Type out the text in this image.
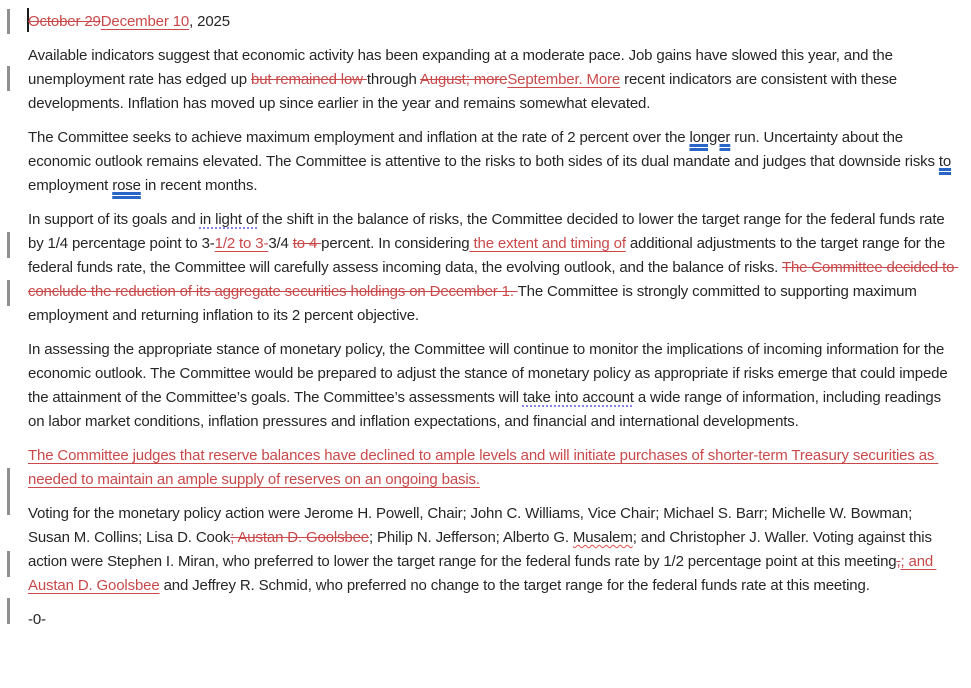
October 29December 10, 2025

Available indicators suggest that economic activity has been expanding at a moderate pace. Job gains have slowed this year, and the unemployment rate has edged up but remained low through August; moreSeptember. More recent indicators are consistent with these developments. Inflation has moved up since earlier in the year and remains somewhat elevated.

The Committee seeks to achieve maximum employment and inflation at the rate of 2 percent over the longer run. Uncertainty about the economic outlook remains elevated. The Committee is attentive to the risks to both sides of its dual mandate and judges that downside risks to employment rose in recent months.

In support of its goals and in light of the shift in the balance of risks, the Committee decided to lower the target range for the federal funds rate by 1/4 percentage point to 3-1/2 to 3-3/4 to 4 percent. In considering the extent and timing of additional adjustments to the target range for the federal funds rate, the Committee will carefully assess incoming data, the evolving outlook, and the balance of risks. The Committee decided to conclude the reduction of its aggregate securities holdings on December 1. The Committee is strongly committed to supporting maximum employment and returning inflation to its 2 percent objective.

In assessing the appropriate stance of monetary policy, the Committee will continue to monitor the implications of incoming information for the economic outlook. The Committee would be prepared to adjust the stance of monetary policy as appropriate if risks emerge that could impede the attainment of the Committee’s goals. The Committee’s assessments will take into account a wide range of information, including readings on labor market conditions, inflation pressures and inflation expectations, and financial and international developments.

The Committee judges that reserve balances have declined to ample levels and will initiate purchases of shorter-term Treasury securities as needed to maintain an ample supply of reserves on an ongoing basis.

Voting for the monetary policy action were Jerome H. Powell, Chair; John C. Williams, Vice Chair; Michael S. Barr; Michelle W. Bowman; Susan M. Collins; Lisa D. Cook; Austan D. Goolsbee; Philip N. Jefferson; Alberto G. Musalem; and Christopher J. Waller. Voting against this action were Stephen I. Miran, who preferred to lower the target range for the federal funds rate by 1/2 percentage point at this meeting,; and Austan D. Goolsbee and Jeffrey R. Schmid, who preferred no change to the target range for the federal funds rate at this meeting.

-0-
